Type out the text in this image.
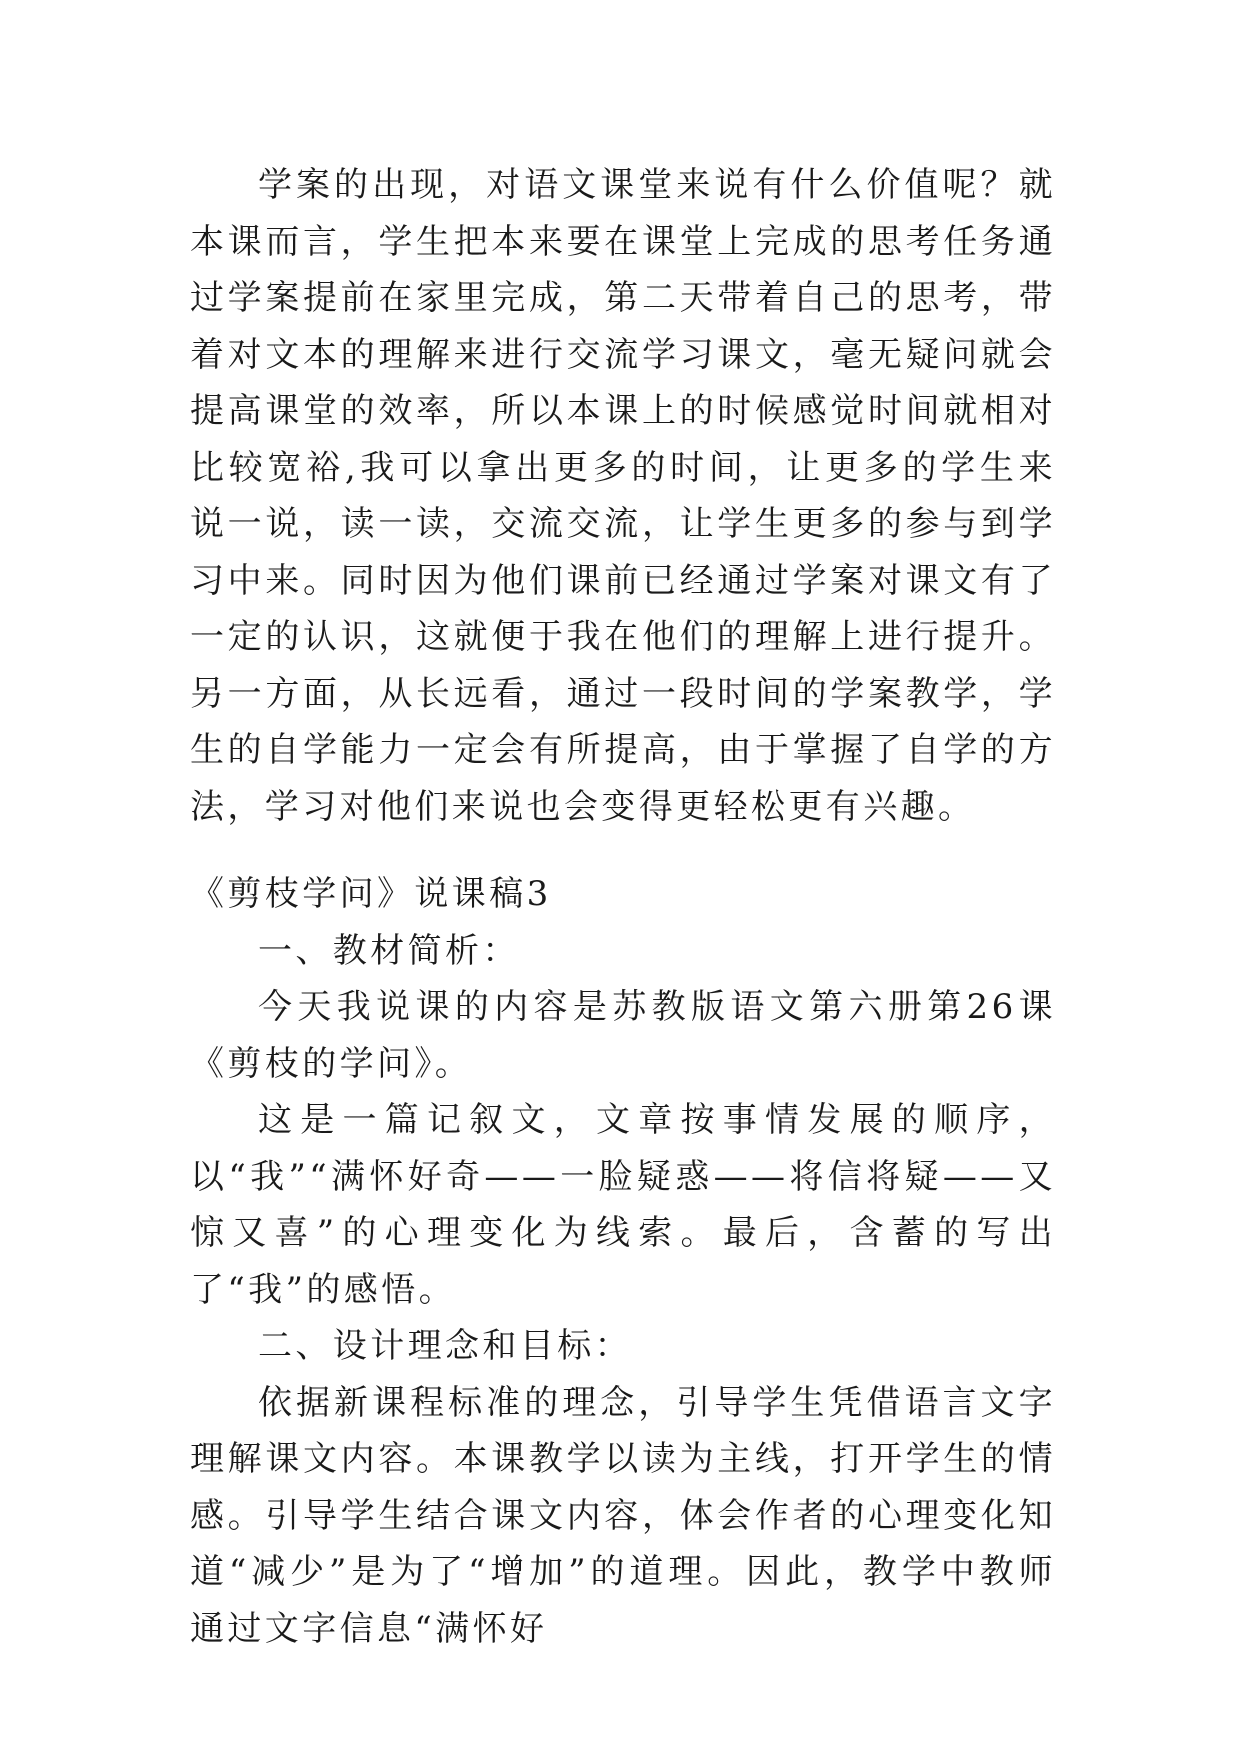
学案的出现，对语文课堂来说有什么价值呢？就本课而言，学生把本来要在课堂上完成的思考任务通过学案提前在家里完成，第二天带着自己的思考，带着对文本的理解来进行交流学习课文，毫无疑问就会提高课堂的效率，所以本课上的时候感觉时间就相对比较宽裕,我可以拿出更多的时间，让更多的学生来说一说，读一读，交流交流，让学生更多的参与到学习中来。同时因为他们课前已经通过学案对课文有了一定的认识，这就便于我在他们的理解上进行提升。另一方面，从长远看，通过一段时间的学案教学，学生的自学能力一定会有所提高，由于掌握了自学的方法，学习对他们来说也会变得更轻松更有兴趣。

《剪枝学问》说课稿3

一、教材简析：

今天我说课的内容是苏教版语文第六册第26课《剪枝的学问》。

这是一篇记叙文，文章按事情发展的顺序，以“我”“满怀好奇——一脸疑惑——将信将疑——又惊又喜”的心理变化为线索。最后，含蓄的写出了“我”的感悟。

二、设计理念和目标：

依据新课程标准的理念，引导学生凭借语言文字理解课文内容。本课教学以读为主线，打开学生的情感。引导学生结合课文内容，体会作者的心理变化知道“减少”是为了“增加”的道理。因此，教学中教师通过文字信息“满怀好
